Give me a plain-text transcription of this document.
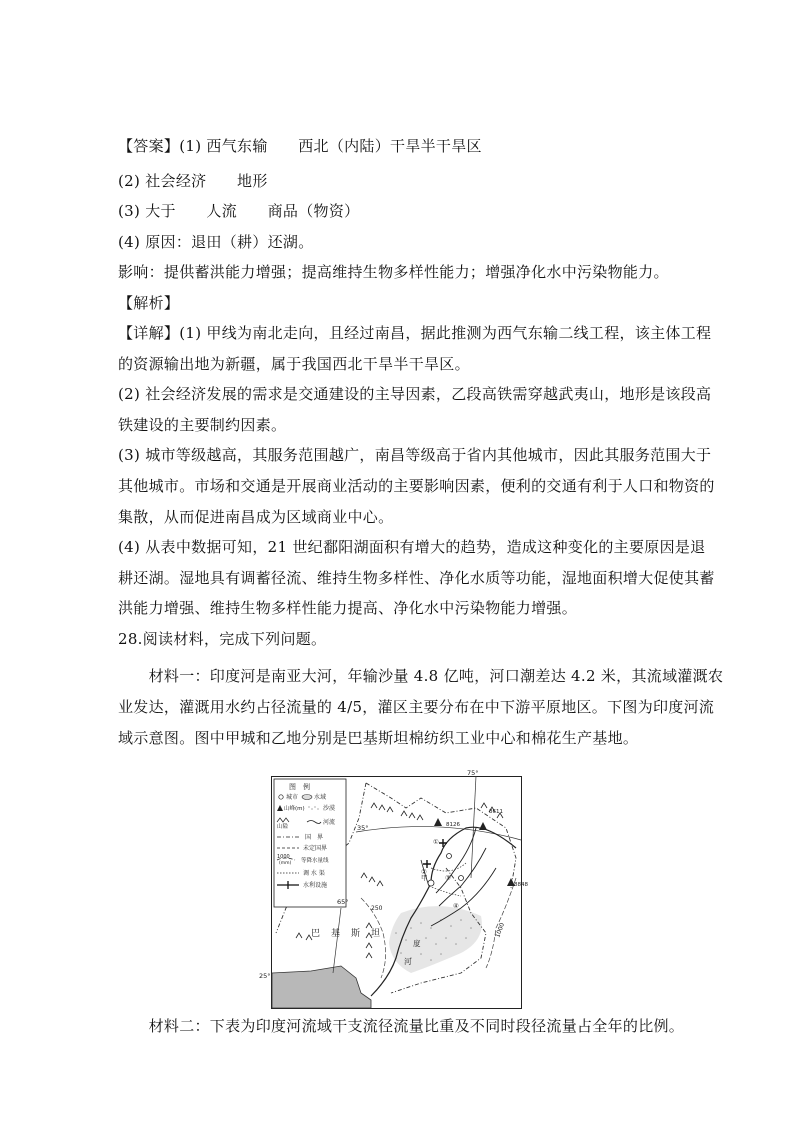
【答案】(1) 西气东输　　西北（内陆）干旱半干旱区
(2) 社会经济　　地形
(3) 大于　　人流　　商品（物资）
(4) 原因：退田（耕）还湖。
影响：提供蓄洪能力增强；提高维持生物多样性能力；增强净化水中污染物能力。
【解析】
【详解】(1) 甲线为南北走向，且经过南昌，据此推测为西气东输二线工程，该主体工程
的资源输出地为新疆，属于我国西北干旱半干旱区。
(2) 社会经济发展的需求是交通建设的主导因素，乙段高铁需穿越武夷山，地形是该段高
铁建设的主要制约因素。
(3) 城市等级越高，其服务范围越广，南昌等级高于省内其他城市，因此其服务范围大于
其他城市。市场和交通是开展商业活动的主要影响因素，便利的交通有利于人口和物资的
集散，从而促进南昌成为区域商业中心。
(4) 从表中数据可知，21 世纪鄱阳湖面积有增大的趋势，造成这种变化的主要原因是退
耕还湖。湿地具有调蓄径流、维持生物多样性、净化水质等功能，湿地面积增大促使其蓄
洪能力增强、维持生物多样性能力提高、净化水中污染物能力增强。
28.阅读材料，完成下列问题。
　　材料一：印度河是南亚大河，年输沙量 4.8 亿吨，河口潮差达 4.2 米，其流域灌溉农
业发达，灌溉用水约占径流量的 4/5，灌区主要分布在中下游平原地区。下图为印度河流
域示意图。图中甲城和乙地分别是巴基斯坦棉纺织工业中心和棉花生产基地。
8611
8126
8848
图　例
城市	水域
山峰(m)	沙漠
山隘
河流
国　界
未定国界
1000
(mm) 等降水量线
调 水 渠
水利设施
75°
35°
65°
25°
巴 基 斯 坦
度
河
甲
①
②
③
④
250
1000
　　材料二：下表为印度河流域干支流径流量比重及不同时段径流量占全年的比例。
